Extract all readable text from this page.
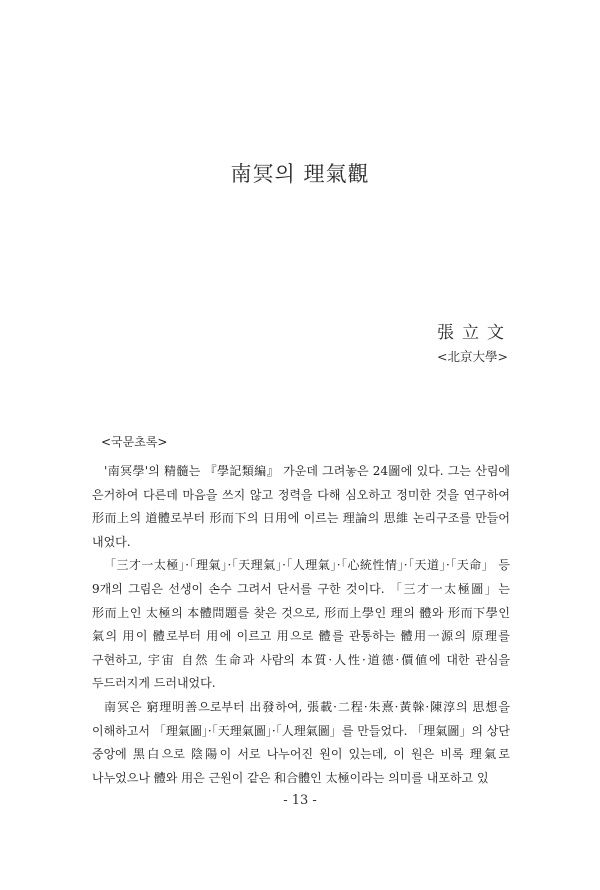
南冥의 理氣觀
張立文
<北京大學>
<국문초록>

'南冥學'의 精髓는 『學記類編』 가운데 그려놓은 24圖에 있다. 그는 산림에 은거하여 다른데 마음을 쓰지 않고 정력을 다해 심오하고 정미한 것을 연구하여 形而上의 道體로부터 形而下의 日用에 이르는 理論의 思維 논리구조를 만들어 내었다.

「三才一太極」·「理氣」·「天理氣」·「人理氣」·「心統性情」·「天道」·「天命」 등 9개의 그림은 선생이 손수 그려서 단서를 구한 것이다. 「三才一太極圖」는 形而上인 太極의 本體問題를 찾은 것으로, 形而上學인 理의 體와 形而下學인 氣의 用이 體로부터 用에 이르고 用으로 體를 관통하는 體用一源의 原理를 구현하고, 宇宙 自然 生命과 사람의 本質·人性·道德·價値에 대한 관심을 두드러지게 드러내었다.

南冥은 窮理明善으로부터 出發하여, 張載·二程·朱熹·黃榦·陳淳의 思想을 이해하고서 「理氣圖」·「天理氣圖」·「人理氣圖」를 만들었다. 「理氣圖」의 상단 중앙에 黑白으로 陰陽이 서로 나누어진 원이 있는데, 이 원은 비록 理氣로 나누었으나 體와 用은 근원이 같은 和合體인 太極이라는 의미를 내포하고 있

- 13 -
